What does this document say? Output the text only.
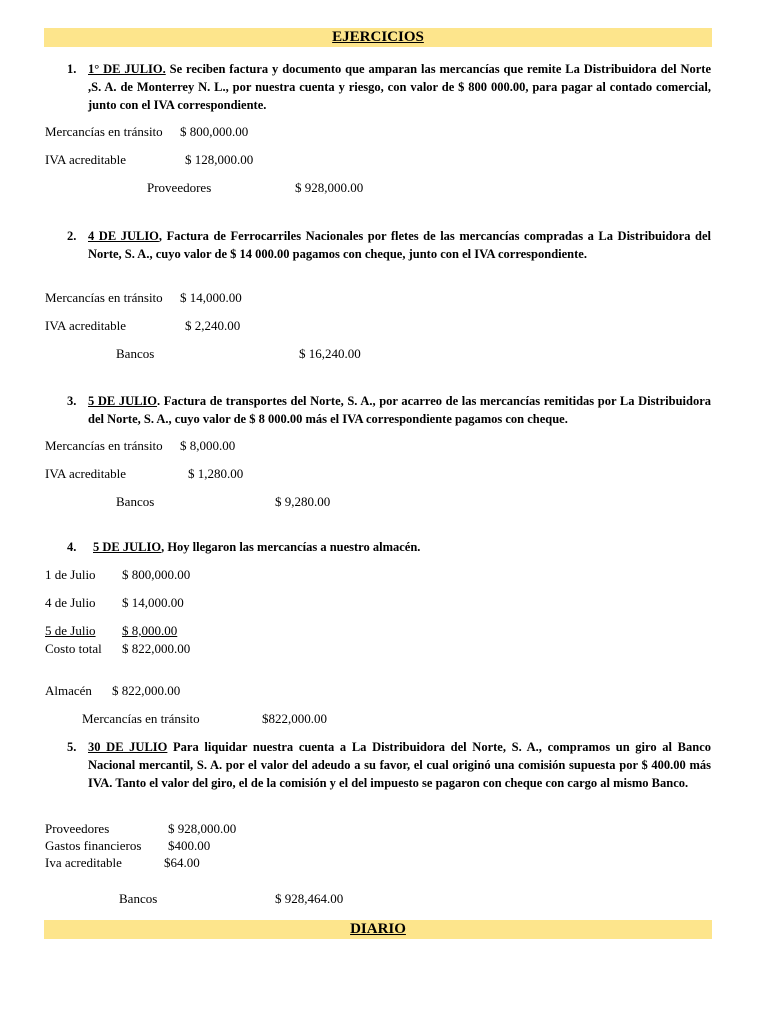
EJERCICIOS
1. 1° DE JULIO. Se reciben factura y documento que amparan las mercancías que remite La Distribuidora del Norte ,S. A. de Monterrey N. L., por nuestra cuenta y riesgo, con valor de $ 800 000.00, para pagar al contado comercial, junto con el IVA correspondiente.
Mercancías en tránsito $ 800,000.00
IVA acreditable	$ 128,000.00
Proveedores	$ 928,000.00
2. 4 DE JULIO, Factura de Ferrocarriles Nacionales por fletes de las mercancías compradas a La Distribuidora del Norte, S. A., cuyo valor de $ 14 000.00 pagamos con cheque, junto con el IVA correspondiente.
Mercancías en tránsito $ 14,000.00
IVA acreditable	$ 2,240.00
Bancos	$ 16,240.00
3. 5 DE JULIO. Factura de transportes del Norte, S. A., por acarreo de las mercancías remitidas por La Distribuidora del Norte, S. A., cuyo valor de $ 8 000.00 más el IVA correspondiente pagamos con cheque.
Mercancías en tránsito $ 8,000.00
IVA acreditable	$ 1,280.00
Bancos	$ 9,280.00
4. 5 DE JULIO, Hoy llegaron las mercancías a nuestro almacén.
1 de Julio $ 800,000.00
4 de Julio $ 14,000.00
5 de Julio $ 8,000.00
Costo total $ 822,000.00
Almacén $ 822,000.00
Mercancías en tránsito	$822,000.00
5. 30 DE JULIO Para liquidar nuestra cuenta a La Distribuidora del Norte, S. A., compramos un giro al Banco Nacional mercantil, S. A. por el valor del adeudo a su favor, el cual originó una comisión supuesta por $ 400.00 más IVA. Tanto el valor del giro, el de la comisión y el del impuesto se pagaron con cheque con cargo al mismo Banco.
Proveedores	$ 928,000.00
Gastos financieros $400.00
Iva acreditable	$64.00
Bancos	$ 928,464.00
DIARIO
